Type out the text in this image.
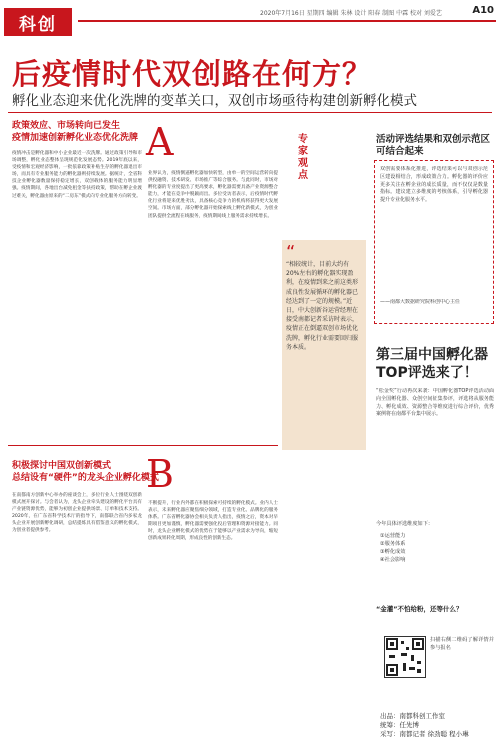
科创
2020年7月16日 星期四 编辑 朱林 设计 阳春 制图 中霖 校对 刘爱艺	A10
后疫情时代双创路在何方？
孵化业态迎来优化洗牌的变革关口，双创市场亟待构建创新孵化模式
政策效应、市场转向已发生
疫情加速创新孵化业态优化洗牌 A
疫情冲击是孵化器和中小企业最近一次洗牌。通过政策引导和市场调整，孵化业态整体呈现规范化发展态势。2019年底以来，受疫情和宏观经济影响，一批依靠政策补贴生存的孵化器退出市场，而具有专业服务能力的孵化器则持续发展。据统计，全省科技企业孵化器数量保持稳定增长，双创载体的服务能力明显增强。疫情期间，各地出台减免租金等扶持政策，帮助在孵企业渡过难关，孵化器由原来的“二房东”模式向专业化服务方向转变。
业界认为，疫情倒逼孵化器加快转型，由单一的空间运营转向提供投融资、技术研发、市场推广等综合服务。与此同时，市场对孵化器的专业度提出了更高要求，孵化器需要具备产业资源整合能力，才能在竞争中脱颖而出。多位受访者表示，后疫情时代孵化行业将迎来优胜劣汰，具备核心竞争力的机构将获得更大发展空间。市场方面，部分孵化器开始探索线上孵化新模式，为创业团队提供全流程在线服务，疫情期间线上服务需求持续增长。
积极探讨中国双创新模式
总结设有“硬件”的龙头企业孵化模式
B
在南都南方创新中心举办的座谈会上，多位行业人士围绕双创新模式展开探讨。与会者认为，龙头企业牵头建设的孵化平台具有产业链资源优势，能够为初创企业提供场景、订单和技术支持。2020年，在广东省科学技术厅的指导下，南都联合省内多家龙头企业开展创新孵化调研，总结提炼具有借鉴意义的孵化模式，为创业者提供参考。
不断提升，行业内外都在积极探索可持续的孵化模式。业内人士表示，未来孵化器应聚焦细分领域，打造专业化、品牌化的服务体系。广东省孵化器协会相关负责人指出，疫情之后，资本对早期项目更加谨慎，孵化器需要强化投后管理和资源对接能力。同时，龙头企业孵化模式的优势在于能够以产业需求为导向，缩短创新成果转化周期，形成良性的创新生态。
专家观点
“
“相较统计，目前大约有20%左右的孵化器实现盈利，在疫情到来之前这类形成良性发展循环的孵化器已经达到了一定的规模。”近日，中大创新谷运营经理在接受南都记者采访时表示，疫情正在倒逼双创市场优化洗牌，孵化行业需要回归服务本质。
活动评选结果和双创示范区
可结合起来
双创需要体系化推进，评选结果可以与双创示范区建设相结合，形成政策合力。孵化器的评价应更多关注在孵企业的成长质量，而不仅仅是数量指标。建议建立多维度的考核体系，引导孵化器提升专业化服务水平。
——南都大数据研究院科创中心主任
第三届中国孵化器
TOP评选来了！
“松金奖”行动再次来袭：中国孵化器TOP评选活动面向全国孵化器、众创空间征集参评，评选将从服务能力、孵化成效、资源整合等维度进行综合评价，优秀案例将在南都平台集中展示。
今年具体评选维度如下：
①运营能力
②服务体系
③孵化成效
④社会影响
“金灌”不怕给粉，还等什么？
扫描右侧二维码了解详情并参与报名
出品：南都科创工作室
统筹：任先博
采写：南都记者 徐劲聪 程小琳
